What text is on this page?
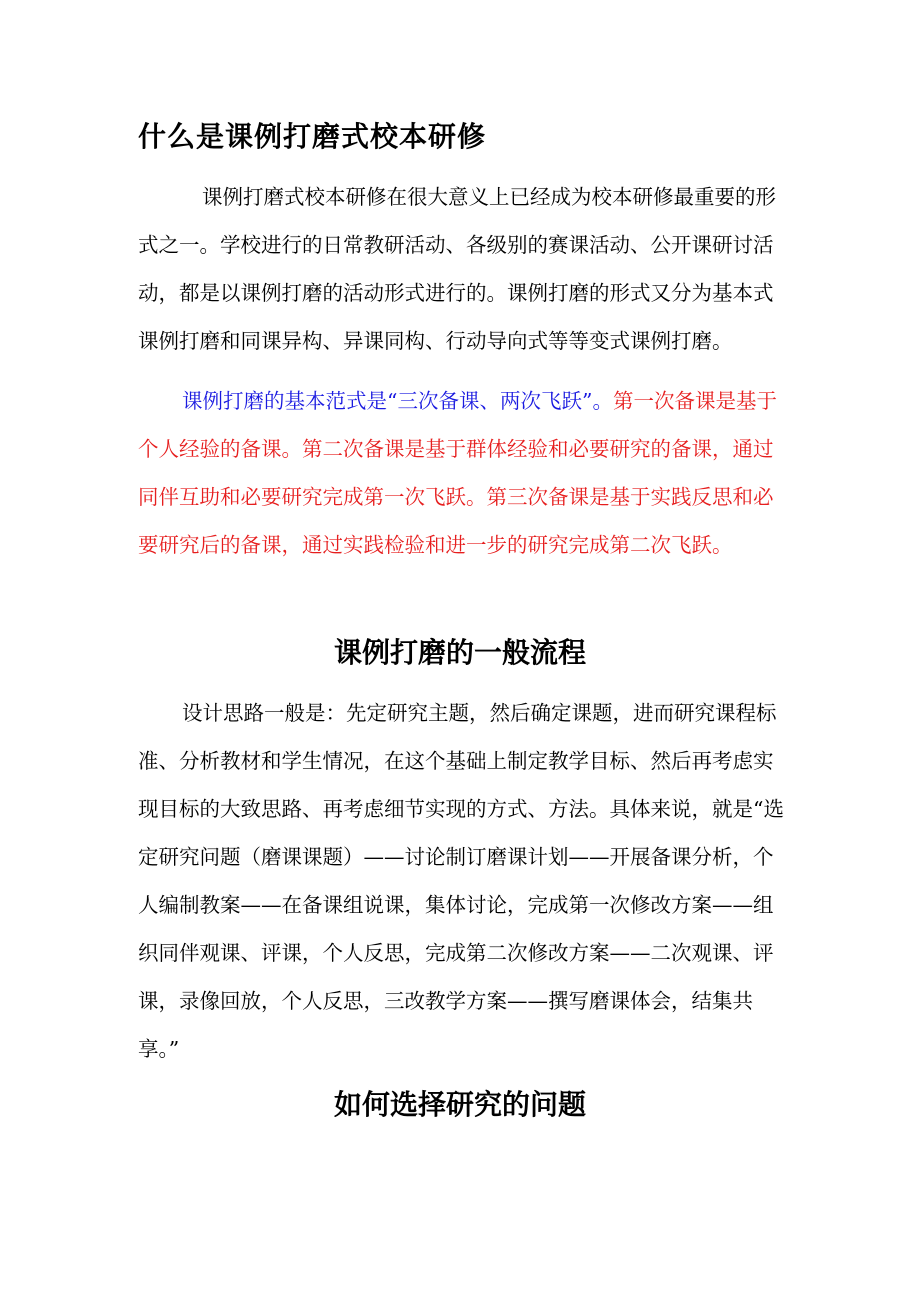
什么是课例打磨式校本研修
课例打磨式校本研修在很大意义上已经成为校本研修最重要的形
式之一。学校进行的日常教研活动、各级别的赛课活动、公开课研讨活
动，都是以课例打磨的活动形式进行的。课例打磨的形式又分为基本式
课例打磨和同课异构、异课同构、行动导向式等等变式课例打磨。
课例打磨的基本范式是“三次备课、两次飞跃”。第一次备课是基于
个人经验的备课。第二次备课是基于群体经验和必要研究的备课，通过
同伴互助和必要研究完成第一次飞跃。第三次备课是基于实践反思和必
要研究后的备课，通过实践检验和进一步的研究完成第二次飞跃。
课例打磨的一般流程
设计思路一般是：先定研究主题，然后确定课题，进而研究课程标
准、分析教材和学生情况，在这个基础上制定教学目标、然后再考虑实
现目标的大致思路、再考虑细节实现的方式、方法。具体来说，就是“选
定研究问题（磨课课题）——讨论制订磨课计划——开展备课分析，个
人编制教案——在备课组说课，集体讨论，完成第一次修改方案——组
织同伴观课、评课，个人反思，完成第二次修改方案——二次观课、评
课，录像回放，个人反思，三改教学方案——撰写磨课体会，结集共
享。”
如何选择研究的问题
